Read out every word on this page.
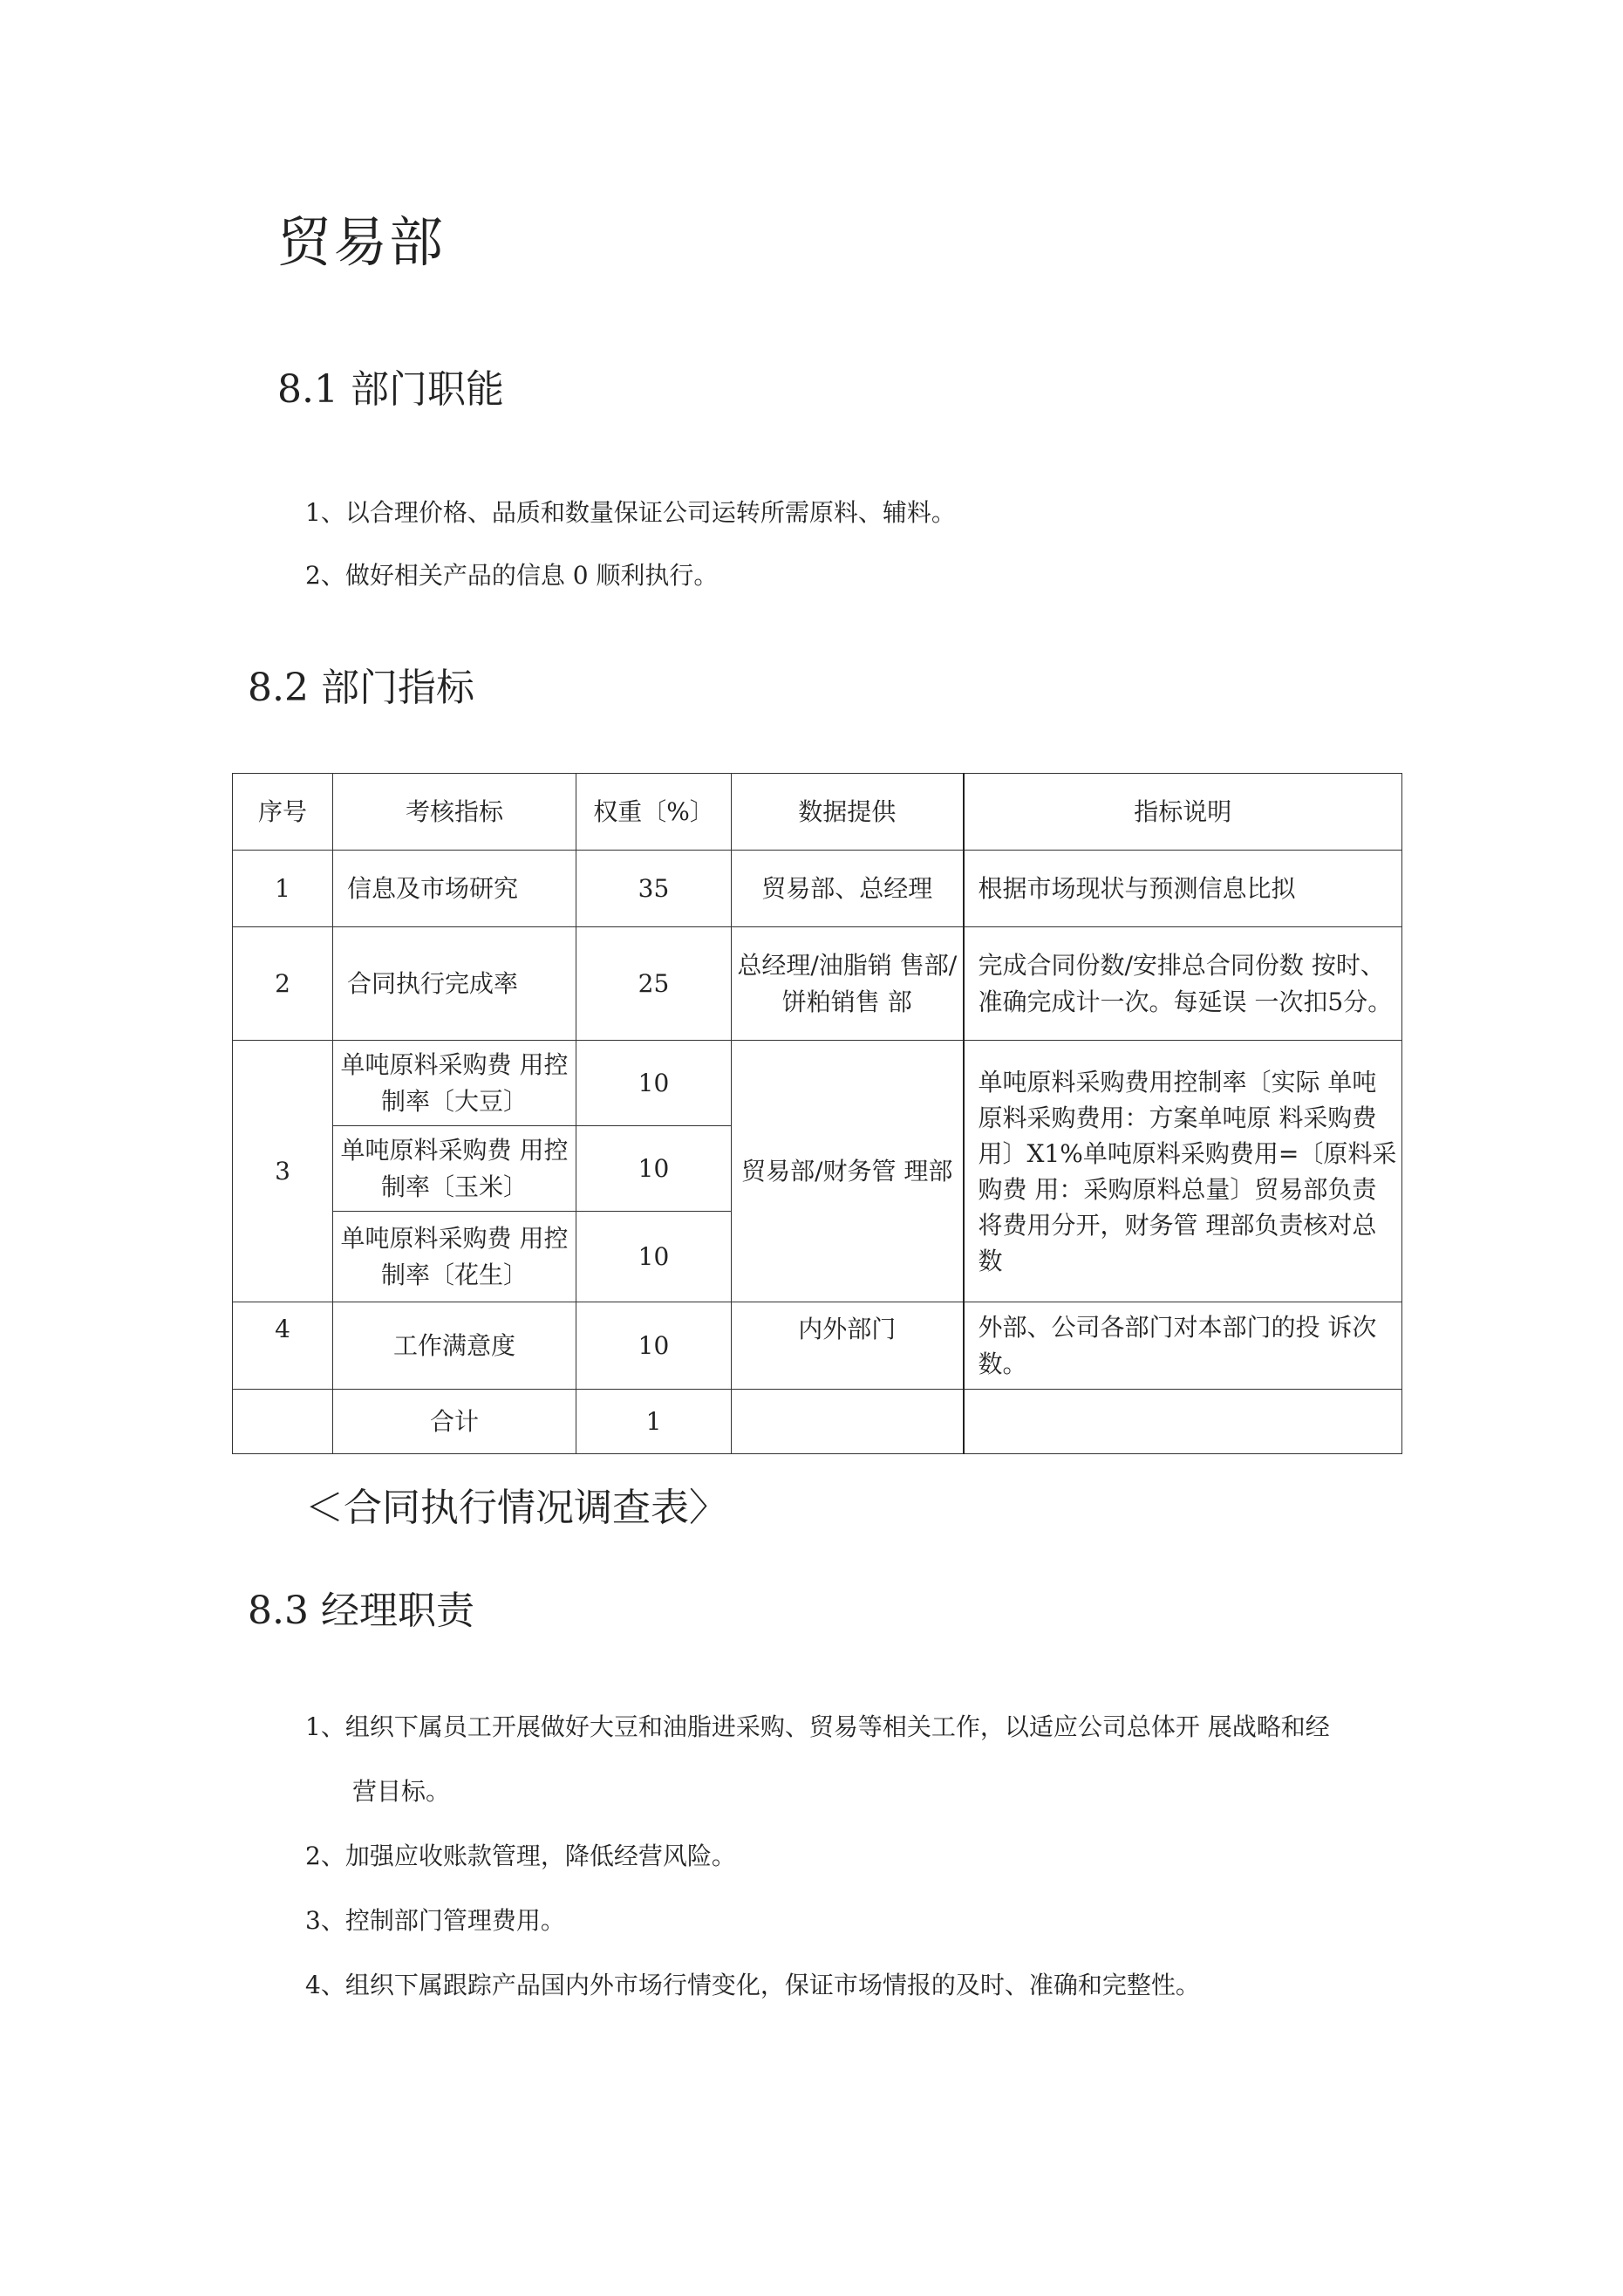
贸易部
8.1 部门职能
1、以合理价格、品质和数量保证公司运转所需原料、辅料。
2、做好相关产品的信息 0 顺利执行。
8.2 部门指标
序号	考核指标	权重〔%〕	数据提供	指标说明
1	信息及市场研究	35	贸易部、总经理	根据市场现状与预测信息比拟
2	合同执行完成率	25	总经理/油脂销 售部/饼粕销售 部	完成合同份数/安排总合同份数 按时、准确完成计一次。每延误 一次扣5分。
3	单吨原料采购费 用控制率〔大豆〕	10	贸易部/财务管 理部	单吨原料采购费用控制率〔实际 单吨原料采购费用：方案单吨原 料采购费用〕X1%单吨原料采购费用=〔原料采购费 用：采购原料总量〕贸易部负责将费用分开，财务管 理部负责核对总数
	单吨原料采购费 用控制率〔玉米〕	10		
	单吨原料采购费 用控制率〔花生〕	10		
4	工作满意度	10	内外部门	外部、公司各部门对本部门的投 诉次数。
	合计	1		
＜合同执行情况调查表〉
8.3 经理职责
1、组织下属员工开展做好大豆和油脂进采购、贸易等相关工作，以适应公司总体开 展战略和经
营目标。
2、加强应收账款管理，降低经营风险。
3、控制部门管理费用。
4、组织下属跟踪产品国内外市场行情变化，保证市场情报的及时、准确和完整性。
